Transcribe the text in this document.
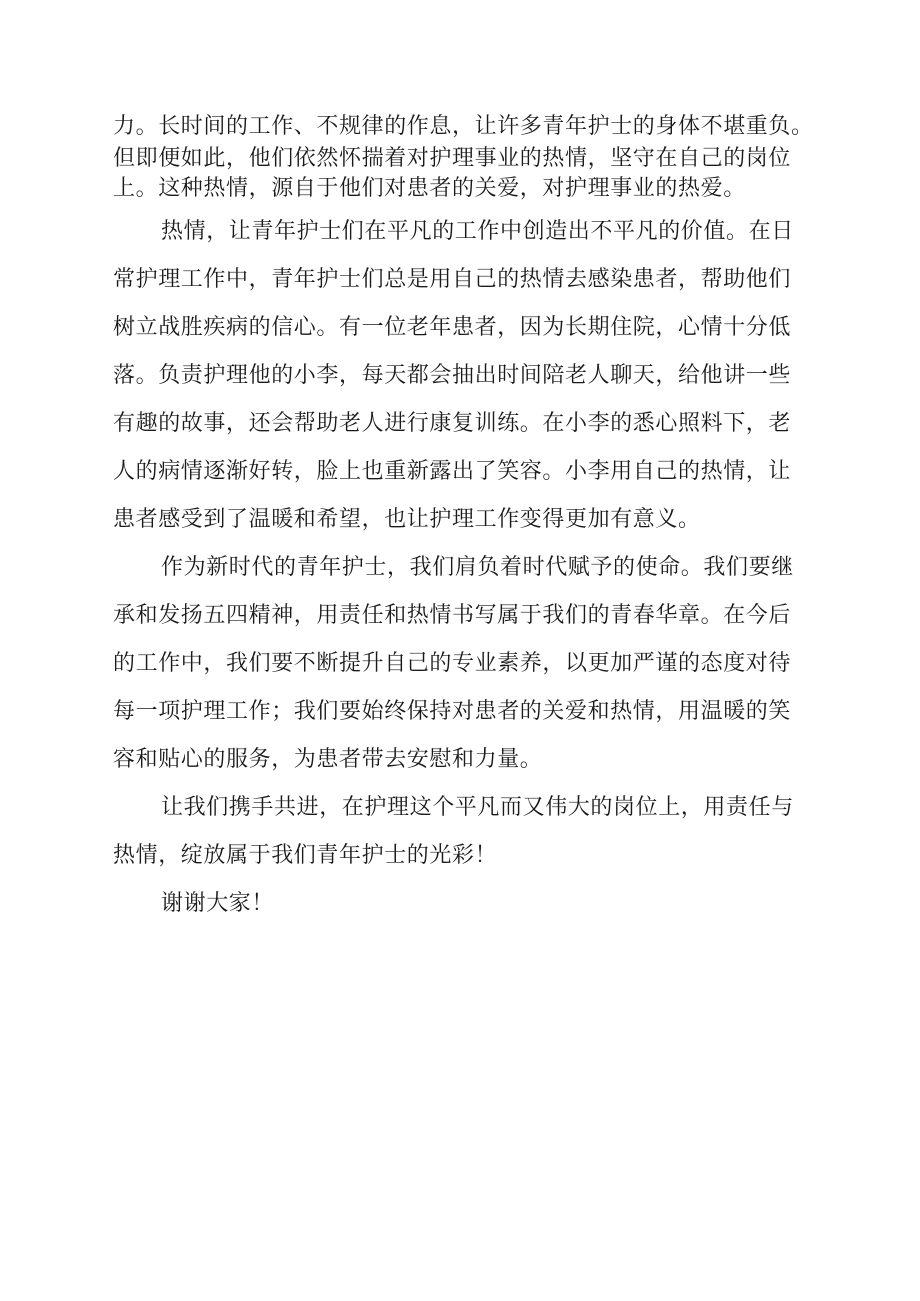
力。长时间的工作、不规律的作息，让许多青年护士的身体不堪重负。
但即便如此，他们依然怀揣着对护理事业的热情，坚守在自己的岗位
上。这种热情，源自于他们对患者的关爱，对护理事业的热爱。
热情，让青年护士们在平凡的工作中创造出不平凡的价值。在日
常护理工作中，青年护士们总是用自己的热情去感染患者，帮助他们
树立战胜疾病的信心。有一位老年患者，因为长期住院，心情十分低
落。负责护理他的小李，每天都会抽出时间陪老人聊天，给他讲一些
有趣的故事，还会帮助老人进行康复训练。在小李的悉心照料下，老
人的病情逐渐好转，脸上也重新露出了笑容。小李用自己的热情，让
患者感受到了温暖和希望，也让护理工作变得更加有意义。
作为新时代的青年护士，我们肩负着时代赋予的使命。我们要继
承和发扬五四精神，用责任和热情书写属于我们的青春华章。在今后
的工作中，我们要不断提升自己的专业素养，以更加严谨的态度对待
每一项护理工作；我们要始终保持对患者的关爱和热情，用温暖的笑
容和贴心的服务，为患者带去安慰和力量。
让我们携手共进，在护理这个平凡而又伟大的岗位上，用责任与
热情，绽放属于我们青年护士的光彩！
谢谢大家！
